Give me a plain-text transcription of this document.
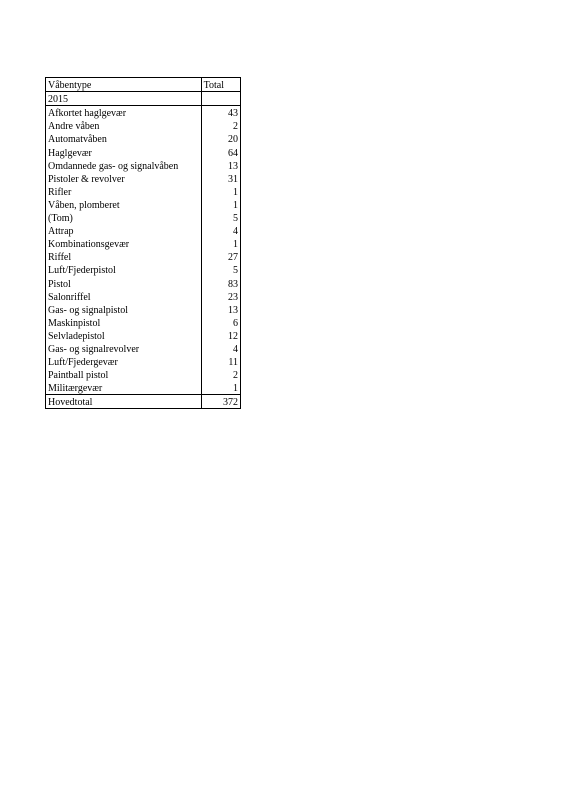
Våbentype	Total
2015	
Afkortet haglgevær	43
Andre våben	2
Automatvåben	20
Haglgevær	64
Omdannede gas- og signalvåben	13
Pistoler & revolver	31
Rifler	1
Våben, plomberet	1
(Tom)	5
Attrap	4
Kombinationsgevær	1
Riffel	27
Luft/Fjederpistol	5
Pistol	83
Salonriffel	23
Gas- og signalpistol	13
Maskinpistol	6
Selvladepistol	12
Gas- og signalrevolver	4
Luft/Fjedergevær	11
Paintball pistol	2
Militærgevær	1
Hovedtotal	372
